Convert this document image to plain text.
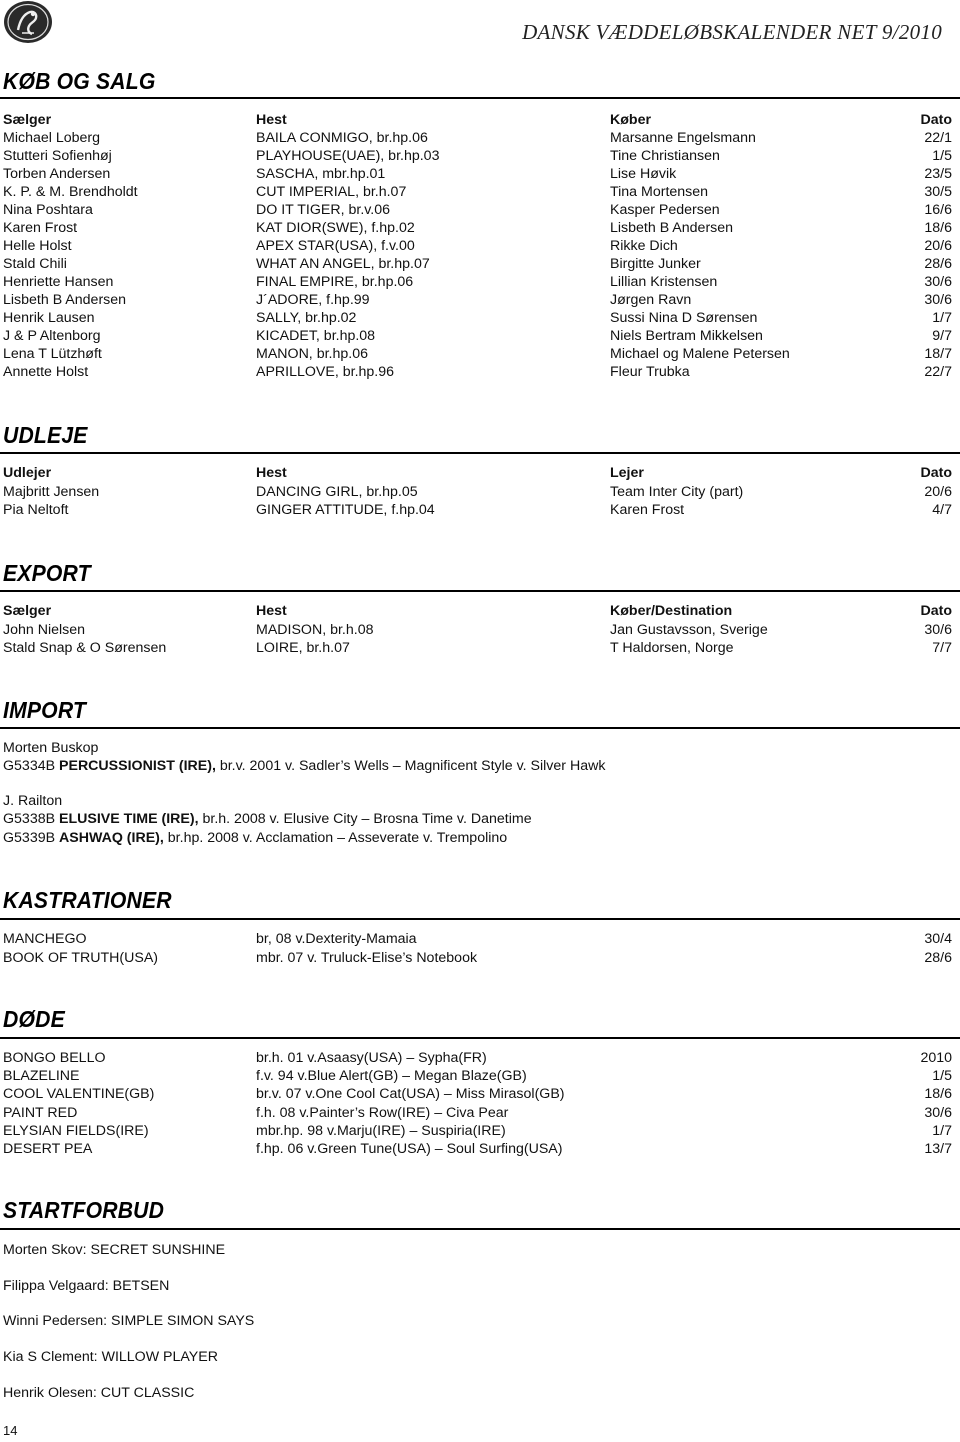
DANSK VÆDDELØBSKALENDER NET 9/2010
KØB OG SALG
Sælger	Hest	Køber	Dato
Michael Loberg	BAILA CONMIGO, br.hp.06	Marsanne Engelsmann	22/1
Stutteri Sofienhøj	PLAYHOUSE(UAE), br.hp.03	Tine Christiansen	1/5
Torben Andersen	SASCHA, mbr.hp.01	Lise Høvik	23/5
K. P. & M. Brendholdt	CUT IMPERIAL, br.h.07	Tina Mortensen	30/5
Nina Poshtara	DO IT TIGER, br.v.06	Kasper Pedersen	16/6
Karen Frost	KAT DIOR(SWE), f.hp.02	Lisbeth B Andersen	18/6
Helle Holst	APEX STAR(USA), f.v.00	Rikke Dich	20/6
Stald Chili	WHAT AN ANGEL, br.hp.07	Birgitte Junker	28/6
Henriette Hansen	FINAL EMPIRE, br.hp.06	Lillian Kristensen	30/6
Lisbeth B Andersen	J´ADORE, f.hp.99	Jørgen Ravn	30/6
Henrik Lausen	SALLY, br.hp.02	Sussi Nina D Sørensen	1/7
J & P Altenborg	KICADET, br.hp.08	Niels Bertram Mikkelsen	9/7
Lena T Lützhøft	MANON, br.hp.06	Michael og Malene Petersen	18/7
Annette Holst	APRILLOVE, br.hp.96	Fleur Trubka	22/7
UDLEJE
Udlejer	Hest	Lejer	Dato
Majbritt Jensen	DANCING GIRL, br.hp.05	Team Inter City (part)	20/6
Pia Neltoft	GINGER ATTITUDE, f.hp.04	Karen Frost	4/7
EXPORT
Sælger	Hest	Køber/Destination	Dato
John Nielsen	MADISON, br.h.08	Jan Gustavsson, Sverige	30/6
Stald Snap & O Sørensen	LOIRE, br.h.07	T Haldorsen, Norge	7/7
IMPORT
Morten Buskop
G5334B PERCUSSIONIST (IRE), br.v. 2001 v. Sadler’s Wells – Magnificent Style v. Silver Hawk
J. Railton
G5338B ELUSIVE TIME (IRE), br.h. 2008 v. Elusive City – Brosna Time v. Danetime
G5339B ASHWAQ (IRE), br.hp. 2008 v. Acclamation – Asseverate v. Trempolino
KASTRATIONER
MANCHEGO	br, 08 v.Dexterity-Mamaia	30/4
BOOK OF TRUTH(USA)	mbr. 07 v. Truluck-Elise’s Notebook	28/6
DØDE
BONGO BELLO	br.h. 01 v.Asaasy(USA) – Sypha(FR)	2010
BLAZELINE	f.v. 94 v.Blue Alert(GB) – Megan Blaze(GB)	1/5
COOL VALENTINE(GB)	br.v. 07 v.One Cool Cat(USA) – Miss Mirasol(GB)	18/6
PAINT RED	f.h. 08 v.Painter’s Row(IRE) – Civa Pear	30/6
ELYSIAN FIELDS(IRE)	mbr.hp. 98 v.Marju(IRE) – Suspiria(IRE)	1/7
DESERT PEA	f.hp. 06 v.Green Tune(USA) – Soul Surfing(USA)	13/7
STARTFORBUD
Morten Skov: SECRET SUNSHINE
Filippa Velgaard: BETSEN
Winni Pedersen: SIMPLE SIMON SAYS
Kia S Clement: WILLOW PLAYER
Henrik Olesen: CUT CLASSIC
14
